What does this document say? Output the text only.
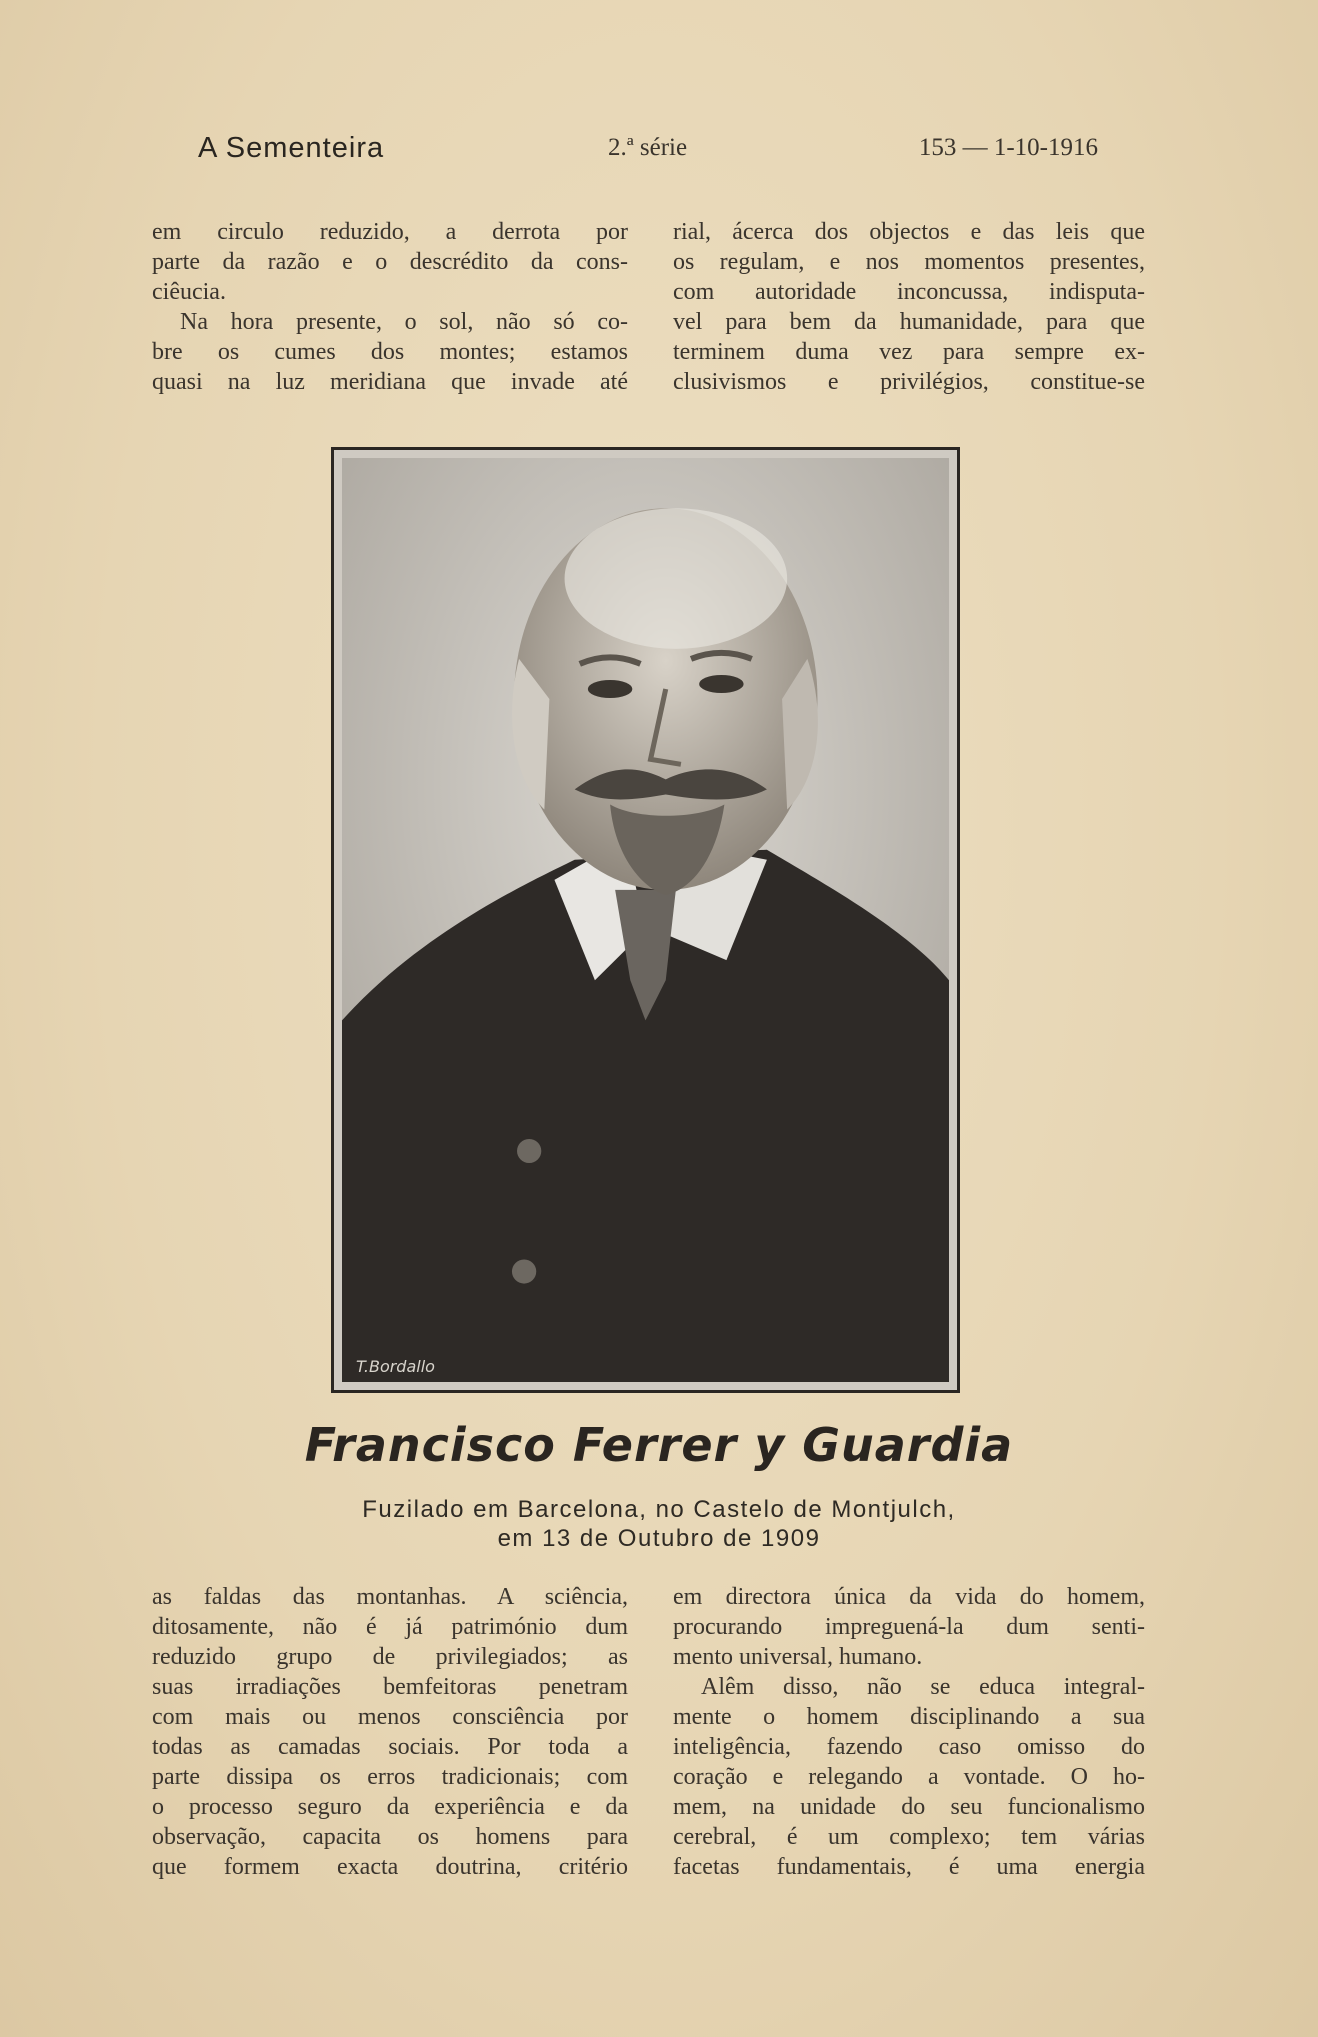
A Sementeira	2.ª série	153 — 1-10-1916
em circulo reduzido, a derrota por
parte da razão e o descrédito da cons-
ciêucia.
Na hora presente, o sol, não só co-
bre os cumes dos montes; estamos
quasi na luz meridiana que invade até
rial, ácerca dos objectos e das leis que
os regulam, e nos momentos presentes,
com autoridade inconcussa, indisputa-
vel para bem da humanidade, para que
terminem duma vez para sempre ex-
clusivismos e privilégios, constitue-se
T.Bordallo
Francisco Ferrer y Guardia
Fuzilado em Barcelona, no Castelo de Montjulch,
em 13 de Outubro de 1909
as faldas das montanhas. A sciência,
ditosamente, não é já património dum
reduzido grupo de privilegiados; as
suas irradiações bemfeitoras penetram
com mais ou menos consciência por
todas as camadas sociais. Por toda a
parte dissipa os erros tradicionais; com
o processo seguro da experiência e da
observação, capacita os homens para
que formem exacta doutrina, critério
em directora única da vida do homem,
procurando impreguená-la dum senti-
mento universal, humano.
Alêm disso, não se educa integral-
mente o homem disciplinando a sua
inteligência, fazendo caso omisso do
coração e relegando a vontade. O ho-
mem, na unidade do seu funcionalismo
cerebral, é um complexo; tem várias
facetas fundamentais, é uma energia
